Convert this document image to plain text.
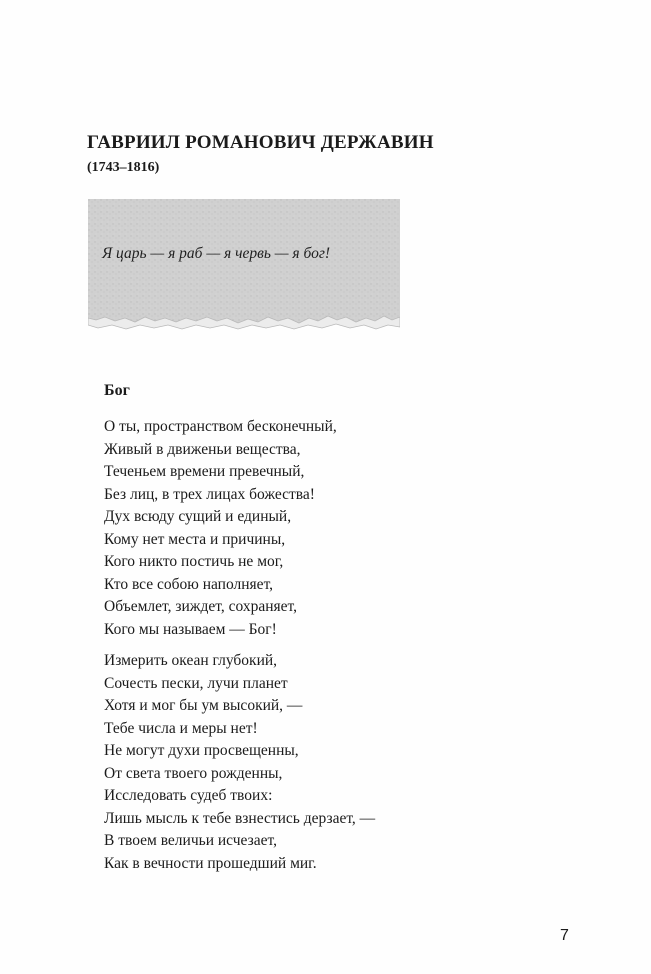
ГАВРИИЛ РОМАНОВИЧ ДЕРЖАВИН
(1743–1816)
Я царь — я раб — я червь — я бог!
Бог
О ты, пространством бесконечный,
Живый в движеньи вещества,
Теченьем времени превечный,
Без лиц, в трех лицах божества!
Дух всюду сущий и единый,
Кому нет места и причины,
Кого никто постичь не мог,
Кто все собою наполняет,
Объемлет, зиждет, сохраняет,
Кого мы называем — Бог!
Измерить океан глубокий,
Сочесть пески, лучи планет
Хотя и мог бы ум высокий, —
Тебе числа и меры нет!
Не могут духи просвещенны,
От света твоего рожденны,
Исследовать судеб твоих:
Лишь мысль к тебе взнестись дерзает, —
В твоем величьи исчезает,
Как в вечности прошедший миг.
7
